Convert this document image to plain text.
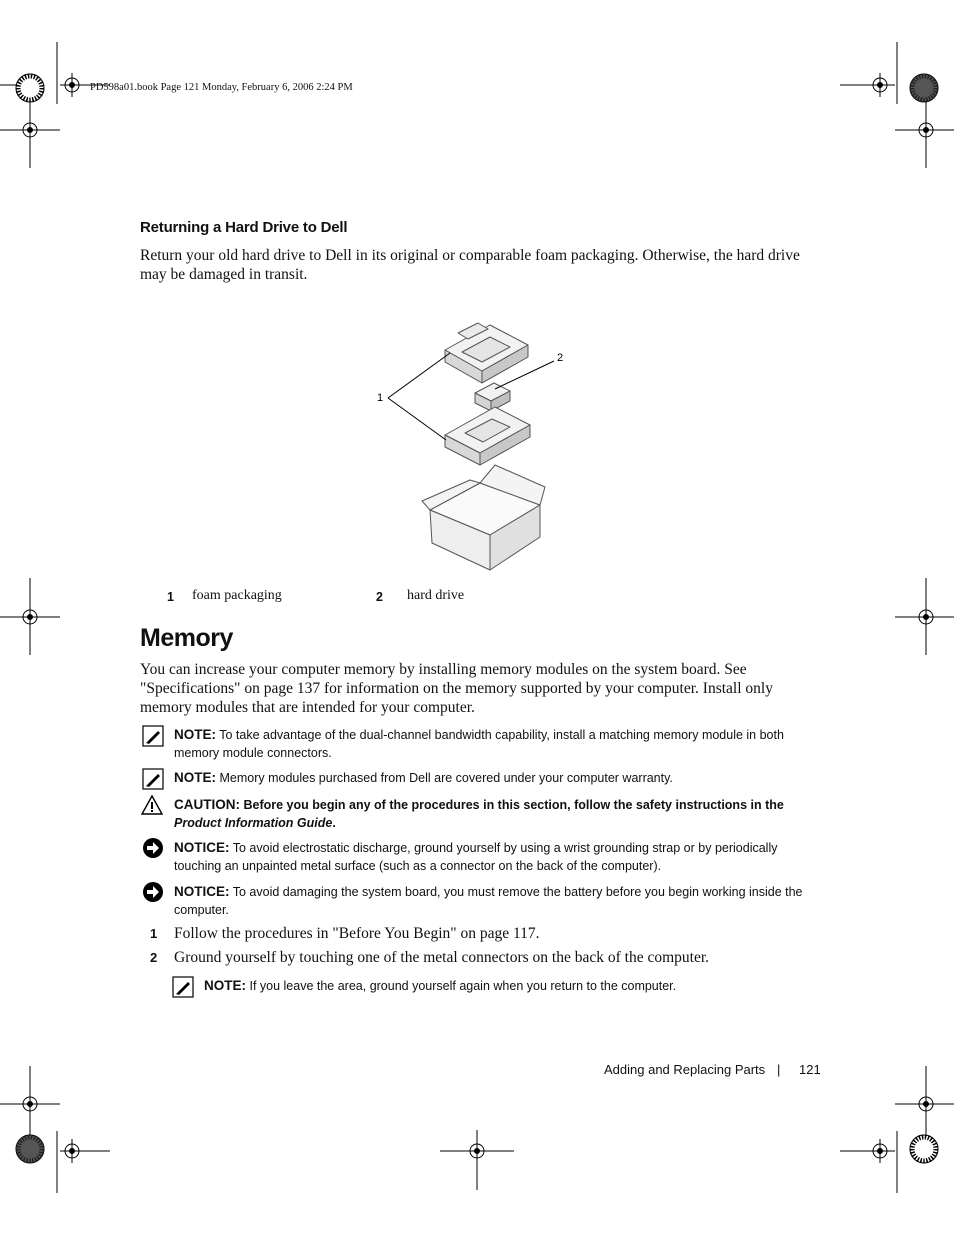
PD598a01.book Page 121 Monday, February 6, 2006 2:24 PM
Returning a Hard Drive to Dell
Return your old hard drive to Dell in its original or comparable foam packaging. Otherwise, the hard drive may be damaged in transit.
1
2
1 foam packaging	2 hard drive
Memory
You can increase your computer memory by installing memory modules on the system board. See "Specifications" on page 137 for information on the memory supported by your computer. Install only memory modules that are intended for your computer.
NOTE: To take advantage of the dual-channel bandwidth capability, install a matching memory module in both memory module connectors.
NOTE: Memory modules purchased from Dell are covered under your computer warranty.
CAUTION: Before you begin any of the procedures in this section, follow the safety instructions in the Product Information Guide.
NOTICE: To avoid electrostatic discharge, ground yourself by using a wrist grounding strap or by periodically touching an unpainted metal surface (such as a connector on the back of the computer).
NOTICE: To avoid damaging the system board, you must remove the battery before you begin working inside the computer.
1 Follow the procedures in "Before You Begin" on page 117.
2 Ground yourself by touching one of the metal connectors on the back of the computer.
NOTE: If you leave the area, ground yourself again when you return to the computer.
Adding and Replacing Parts | 121
